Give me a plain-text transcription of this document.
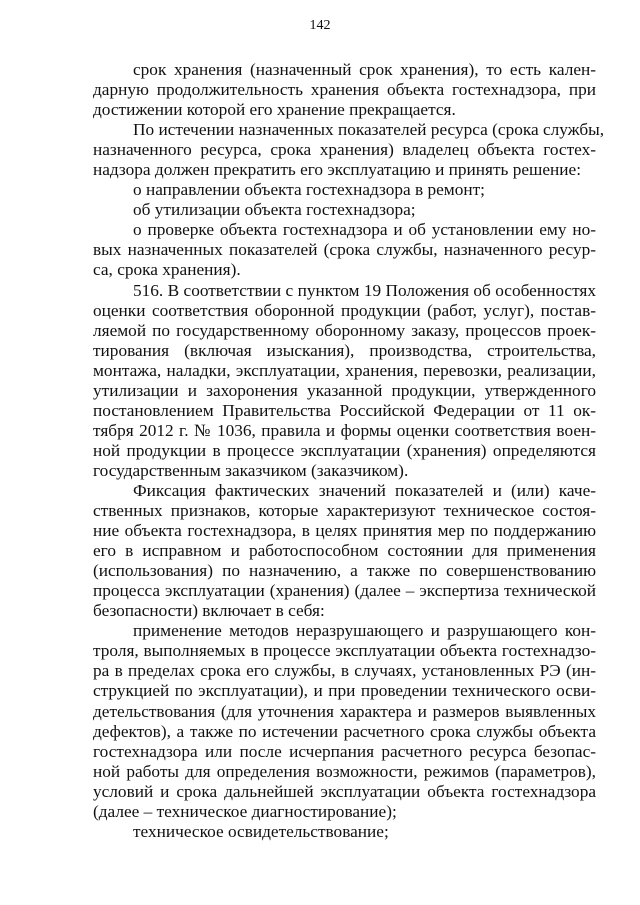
142
срок хранения (назначенный срок хранения), то есть кален-
дарную продолжительность хранения объекта гостехнадзора, при
достижении которой его хранение прекращается.
По истечении назначенных показателей ресурса (срока службы,
назначенного ресурса, срока хранения) владелец объекта гостех-
надзора должен прекратить его эксплуатацию и принять решение:
о направлении объекта гостехнадзора в ремонт;
об утилизации объекта гостехнадзора;
о проверке объекта гостехнадзора и об установлении ему но-
вых назначенных показателей (срока службы, назначенного ресур-
са, срока хранения).
516. В соответствии с пунктом 19 Положения об особенностях
оценки соответствия оборонной продукции (работ, услуг), постав-
ляемой по государственному оборонному заказу, процессов проек-
тирования (включая изыскания), производства, строительства,
монтажа, наладки, эксплуатации, хранения, перевозки, реализации,
утилизации и захоронения указанной продукции, утвержденного
постановлением Правительства Российской Федерации от 11 ок-
тября 2012 г. № 1036, правила и формы оценки соответствия воен-
ной продукции в процессе эксплуатации (хранения) определяются
государственным заказчиком (заказчиком).
Фиксация фактических значений показателей и (или) каче-
ственных признаков, которые характеризуют техническое состоя-
ние объекта гостехнадзора, в целях принятия мер по поддержанию
его в исправном и работоспособном состоянии для применения
(использования) по назначению, а также по совершенствованию
процесса эксплуатации (хранения) (далее – экспертиза технической
безопасности) включает в себя:
применение методов неразрушающего и разрушающего кон-
троля, выполняемых в процессе эксплуатации объекта гостехнадзо-
ра в пределах срока его службы, в случаях, установленных РЭ (ин-
струкцией по эксплуатации), и при проведении технического осви-
детельствования (для уточнения характера и размеров выявленных
дефектов), а также по истечении расчетного срока службы объекта
гостехнадзора или после исчерпания расчетного ресурса безопас-
ной работы для определения возможности, режимов (параметров),
условий и срока дальнейшей эксплуатации объекта гостехнадзора
(далее – техническое диагностирование);
техническое освидетельствование;
